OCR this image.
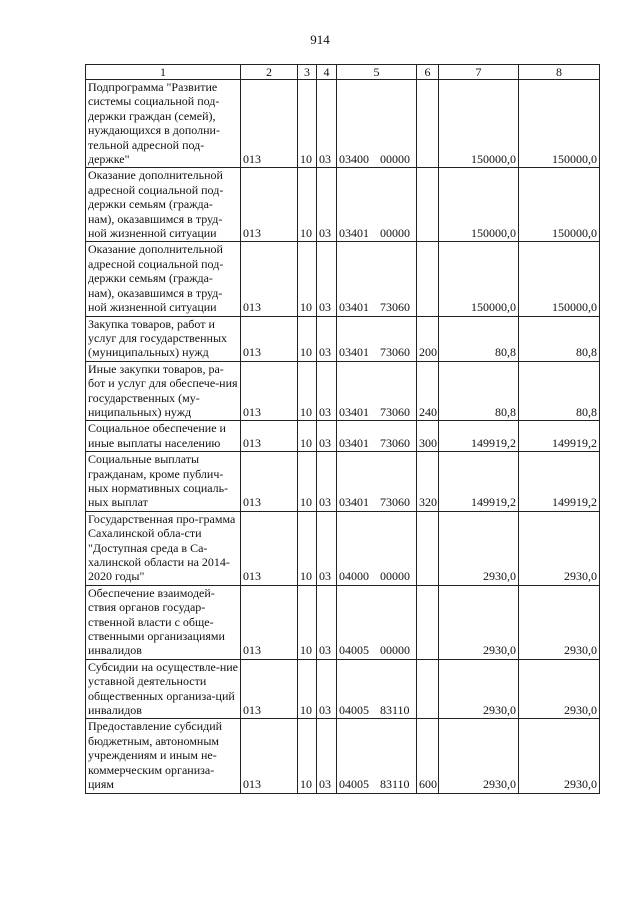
914
1	2	3	4	5	6	7	8
Подпрограмма "Развитие системы социальной под-держки граждан (семей), нуждающихся в дополни-тельной адресной под-держке"	013	10	03	03400 00000		150000,0	150000,0
Оказание дополнительной адресной социальной под-держки семьям (гражда-нам), оказавшимся в труд-ной жизненной ситуации	013	10	03	03401 00000		150000,0	150000,0
Оказание дополнительной адресной социальной под-держки семьям (гражда-нам), оказавшимся в труд-ной жизненной ситуации	013	10	03	03401 73060		150000,0	150000,0
Закупка товаров, работ и услуг для государственных (муниципальных) нужд	013	10	03	03401 73060	200	80,8	80,8
Иные закупки товаров, ра-бот и услуг для обеспече-ния государственных (му-ниципальных) нужд	013	10	03	03401 73060	240	80,8	80,8
Социальное обеспечение и иные выплаты населению	013	10	03	03401 73060	300	149919,2	149919,2
Социальные выплаты гражданам, кроме публич-ных нормативных социаль-ных выплат	013	10	03	03401 73060	320	149919,2	149919,2
Государственная про-грамма Сахалинской обла-сти "Доступная среда в Са-халинской области на 2014-2020 годы"	013	10	03	04000 00000		2930,0	2930,0
Обеспечение взаимодей-ствия органов государ-ственной власти с обще-ственными организациями инвалидов	013	10	03	04005 00000		2930,0	2930,0
Субсидии на осуществле-ние уставной деятельности общественных организа-ций инвалидов	013	10	03	04005 83110		2930,0	2930,0
Предоставление субсидий бюджетным, автономным учреждениям и иным не-коммерческим организа-циям	013	10	03	04005 83110	600	2930,0	2930,0
